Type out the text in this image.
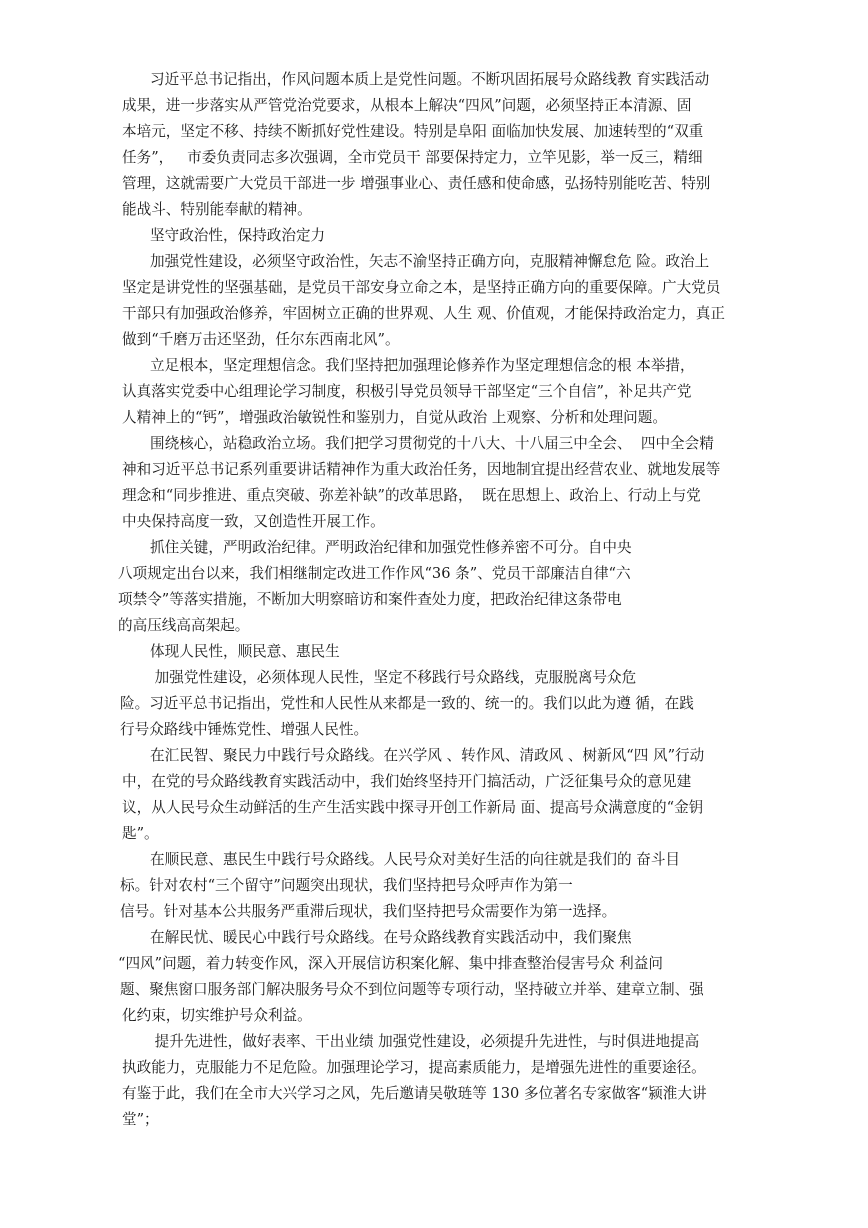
习近平总书记指出，作风问题本质上是党性问题。不断巩固拓展号众路线教 育实践活动
成果，进一步落实从严管党治党要求，从根本上解决“四风”问题，必须坚持正本清源、固
本培元，坚定不移、持续不断抓好党性建设。特别是阜阳 面临加快发展、加速转型的“双重
任务”，   市委负责同志多次强调，全市党员干 部要保持定力，立竿见影，举一反三，精细
管理，这就需要广大党员干部进一步 增强事业心、责任感和使命感，弘扬特别能吃苦、特别
能战斗、特别能奉献的精神。
坚守政治性，保持政治定力
加强党性建设，必须坚守政治性，矢志不渝坚持正确方向，克服精神懈怠危 险。政治上
坚定是讲党性的坚强基础，是党员干部安身立命之本，是坚持正确方向的重要保障。广大党员
干部只有加强政治修养，牢固树立正确的世界观、人生 观、价值观，才能保持政治定力，真正
做到“千磨万击还坚劲，任尔东西南北风”。
立足根本，坚定理想信念。我们坚持把加强理论修养作为坚定理想信念的根 本举措，
认真落实党委中心组理论学习制度，积极引导党员领导干部坚定“三个自信”，补足共产党
人精神上的“钙”，增强政治敏锐性和鉴别力，自觉从政治 上观察、分析和处理问题。
围绕核心，站稳政治立场。我们把学习贯彻党的十八大、十八届三中全会、  四中全会精
神和习近平总书记系列重要讲话精神作为重大政治任务，因地制宜提出经营农业、就地发展等
理念和“同步推进、重点突破、弥差补缺”的改革思路，  既在思想上、政治上、行动上与党
中央保持高度一致，又创造性开展工作。
抓住关键，严明政治纪律。严明政治纪律和加强党性修养密不可分。自中央
八项规定出台以来，我们相继制定改进工作作风“36 条”、党员干部廉洁自律“六
项禁令”等落实措施，不断加大明察暗访和案件查处力度，把政治纪律这条带电
的高压线高高架起。
体现人民性，顺民意、惠民生
加强党性建设，必须体现人民性，坚定不移践行号众路线，克服脱离号众危
险。习近平总书记指出，党性和人民性从来都是一致的、统一的。我们以此为遵 循，在践
行号众路线中锤炼党性、增强人民性。
在汇民智、聚民力中践行号众路线。在兴学风 、转作风、清政风 、树新风“四 风”行动
中，在党的号众路线教育实践活动中，我们始终坚持开门搞活动，广泛征集号众的意见建
议，从人民号众生动鲜活的生产生活实践中探寻开创工作新局 面、提高号众满意度的“金钥
匙”。
在顺民意、惠民生中践行号众路线。人民号众对美好生活的向往就是我们的 奋斗目
标。针对农村“三个留守”问题突出现状，我们坚持把号众呼声作为第一
信号。针对基本公共服务严重滞后现状，我们坚持把号众需要作为第一选择。
在解民忧、暖民心中践行号众路线。在号众路线教育实践活动中，我们聚焦
“四风”问题，着力转变作风，深入开展信访积案化解、集中排查整治侵害号众 利益问
题、聚焦窗口服务部门解决服务号众不到位问题等专项行动，坚持破立并举、建章立制、强
化约束，切实维护号众利益。
提升先进性，做好表率、干出业绩 加强党性建设，必须提升先进性，与时俱进地提高
执政能力，克服能力不足危险。加强理论学习，提高素质能力，是增强先进性的重要途径。
有鉴于此，我们在全市大兴学习之风，先后邀请吴敬琏等 130 多位著名专家做客“颍淮大讲
堂”；
